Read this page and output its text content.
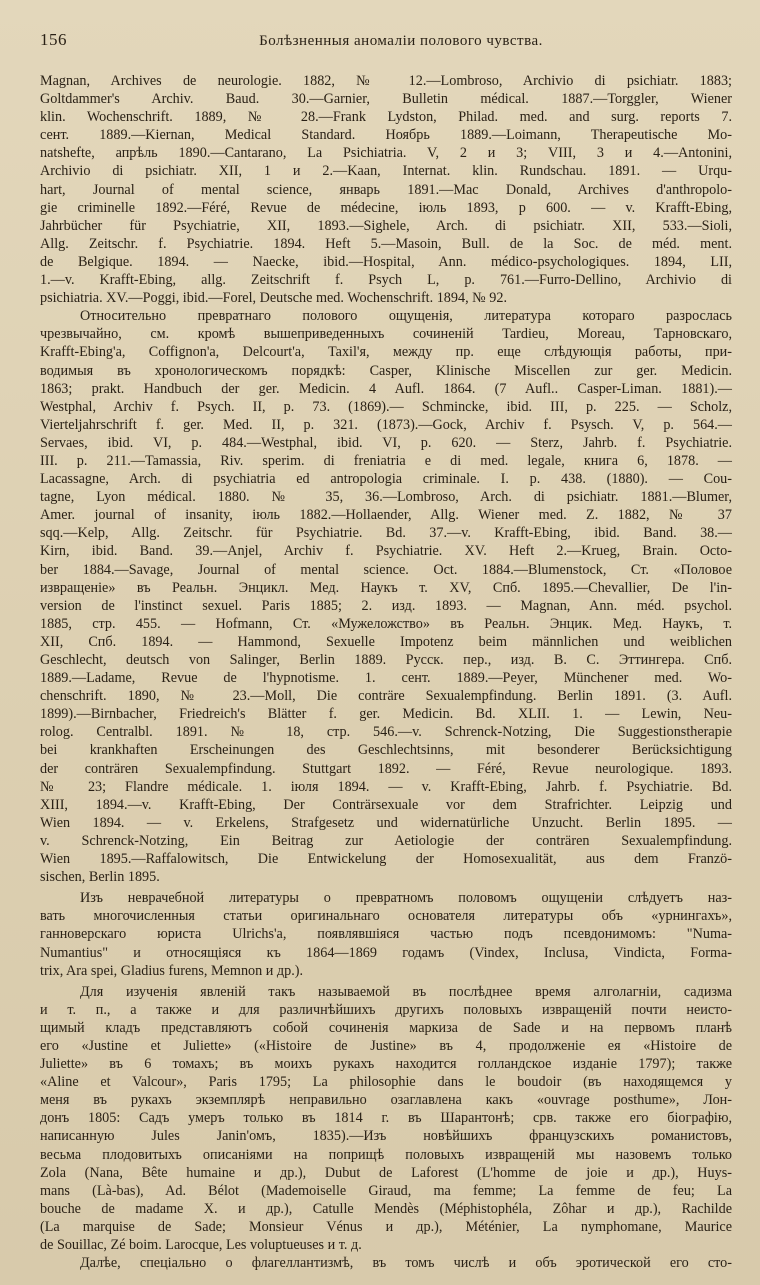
156	Болѣзненныя аномаліи полового чувства.
Magnan, Archives de neurologie. 1882, № 12.—Lombroso, Archivio di psichiatr. 1883;
Goltdammer's Archiv. Baud. 30.—Garnier, Bulletin médical. 1887.—Torggler, Wiener
klin. Wochenschrift. 1889, № 28.—Frank Lydston, Philad. med. and surg. reports 7.
сент. 1889.—Kiernan, Medical Standard. Ноябрь 1889.—Loimann, Therapeutische Mo-
natshefte, апрѣль 1890.—Cantarano, La Psichiatria. V, 2 и 3; VIII, 3 и 4.—Antonini,
Archivio di psichiatr. XII, 1 и 2.—Kaan, Internat. klin. Rundschau. 1891. — Urqu-
hart, Journal of mental science, январь 1891.—Mac Donald, Archives d'anthropolo-
gie criminelle 1892.—Féré, Revue de médecine, іюль 1893, p 600. — v. Krafft-Ebing,
Jahrbücher für Psychiatrie, XII, 1893.—Sighele, Arch. di psichiatr. XII, 533.—Sioli,
Allg. Zeitschr. f. Psychiatrie. 1894. Heft 5.—Masoin, Bull. de la Soc. de méd. ment.
de Belgique. 1894. — Naecke, ibid.—Hospital, Ann. médico-psychologiques. 1894, LII,
1.—v. Krafft-Ebing, allg. Zeitschrift f. Psych L, p. 761.—Furro-Dellino, Archivio di
psichiatria. XV.—Poggi, ibid.—Forel, Deutsche med. Wochenschrift. 1894, № 92.
Относительно превратнаго полового ощущенія, литература котораго разрослась
чрезвычайно, см. кромѣ вышеприведенныхъ сочиненій Tardieu, Moreau, Тарновскаго,
Krafft-Ebing'а, Coffignon'а, Delcourt'а, Taxil'я, между пр. еще слѣдующія работы, при-
водимыя въ хронологическомъ порядкѣ: Casper, Klinische Miscellen zur ger. Medicin.
1863; prakt. Handbuch der ger. Medicin. 4 Aufl. 1864. (7 Aufl.. Casper-Liman. 1881).—
Westphal, Archiv f. Psych. II, p. 73. (1869).— Schmincke, ibid. III, p. 225. — Scholz,
Vierteljahrschrift f. ger. Med. II, p. 321. (1873).—Gock, Archiv f. Psysch. V, p. 564.—
Servaes, ibid. VI, p. 484.—Westphal, ibid. VI, p. 620. — Sterz, Jahrb. f. Psychiatrie.
III. p. 211.—Tamassia, Riv. sperim. di freniatria e di med. legale, книга 6, 1878. —
Lacassagne, Arch. di psychiatria ed antropologia criminale. I. p. 438. (1880). — Cou-
tagne, Lyon médical. 1880. № 35, 36.—Lombroso, Arch. di psichiatr. 1881.—Blumer,
Amer. journal of insanity, іюль 1882.—Hollaender, Allg. Wiener med. Z. 1882, № 37
sqq.—Kelp, Allg. Zeitschr. für Psychiatrie. Bd. 37.—v. Krafft-Ebing, ibid. Band. 38.—
Kirn, ibid. Band. 39.—Anjel, Archiv f. Psychiatrie. XV. Heft 2.—Krueg, Brain. Octo-
ber 1884.—Savage, Journal of mental science. Oct. 1884.—Blumenstock, Ст. «Половое
извращеніе» въ Реальн. Энцикл. Мед. Наукъ т. XV, Спб. 1895.—Chevallier, De l'in-
version de l'instinct sexuel. Paris 1885; 2. изд. 1893. — Magnan, Ann. méd. psychol.
1885, стр. 455. — Hofmann, Ст. «Мужеложство» въ Реальн. Энцик. Мед. Наукъ, т.
XII, Спб. 1894. — Hammond, Sexuelle Impotenz beim männlichen und weiblichen
Geschlecht, deutsch von Salinger, Berlin 1889. Русск. пер., изд. В. С. Эттингера. Спб.
1889.—Ladame, Revue de l'hypnotisme. 1. сент. 1889.—Peyer, Münchener med. Wo-
chenschrift. 1890, № 23.—Moll, Die conträre Sexualempfindung. Berlin 1891. (3. Aufl.
1899).—Birnbacher, Friedreich's Blätter f. ger. Medicin. Bd. XLII. 1. — Lewin, Neu-
rolog. Centralbl. 1891. № 18, стр. 546.—v. Schrenck-Notzing, Die Suggestionstherapie
bei krankhaften Erscheinungen des Geschlechtsinns, mit besonderer Berücksichtigung
der conträren Sexualempfindung. Stuttgart 1892. — Féré, Revue neurologique. 1893.
№ 23; Flandre médicale. 1. іюля 1894. — v. Krafft-Ebing, Jahrb. f. Psychiatrie. Bd.
XIII, 1894.—v. Krafft-Ebing, Der Conträrsexuale vor dem Strafrichter. Leipzig und
Wien 1894. — v. Erkelens, Strafgesetz und widernatürliche Unzucht. Berlin 1895. —
v. Schrenck-Notzing, Ein Beitrag zur Aetiologie der conträren Sexualempfindung.
Wien 1895.—Raffalowitsch, Die Entwickelung der Homosexualität, aus dem Franzö-
sischen, Berlin 1895.
Изъ неврачебной литературы о превратномъ половомъ ощущеніи слѣдуетъ наз-
вать многочисленныя статьи оригинальнаго основателя литературы объ «урнингахъ»,
ганноверскаго юриста Ulrichs'а, появлявшіяся частью подъ псевдонимомъ: "Numa-
Numantius" и относящіяся къ 1864—1869 годамъ (Vindex, Inclusa, Vindicta, Forma-
trix, Ara spei, Gladius furens, Memnon и др.).
Для изученія явленій такъ называемой въ послѣднее время алголагніи, садизма
и т. п., а также и для различнѣйшихъ другихъ половыхъ извращеній почти неисто-
щимый кладъ представляютъ собой сочиненія маркиза de Sade и на первомъ планѣ
его «Justine et Juliette» («Histoire de Justine» въ 4, продолженіе ея «Histoire de
Juliette» въ 6 томахъ; въ моихъ рукахъ находится голландское изданіе 1797); также
«Aline et Valcour», Paris 1795; La philosophie dans le boudoir (въ находящемся у
меня въ рукахъ экземплярѣ неправильно озаглавлена какъ «ouvrage posthume», Лон-
донъ 1805: Садъ умеръ только въ 1814 г. въ Шарантонѣ; срв. также его біографію,
написанную Jules Janin'омъ, 1835).—Изъ новѣйшихъ французскихъ романистовъ,
весьма плодовитыхъ описаніями на поприщѣ половыхъ извращеній мы назовемъ только
Zola (Nana, Bête humaine и др.), Dubut de Laforest (L'homme de joie и др.), Huys-
mans (Là-bas), Ad. Bélot (Mademoiselle Giraud, ma femme; La femme de feu; La
bouche de madame X. и др.), Catulle Mendès (Méphistophéla, Zôhar и др.), Rachilde
(La marquise de Sade; Monsieur Vénus и др.), Méténier, La nymphomane, Maurice
de Souillac, Zé boim. Larocque, Les voluptueuses и т. д.
Далѣе, спеціально о флагеллантизмѣ, въ томъ числѣ и объ эротической его сто-
